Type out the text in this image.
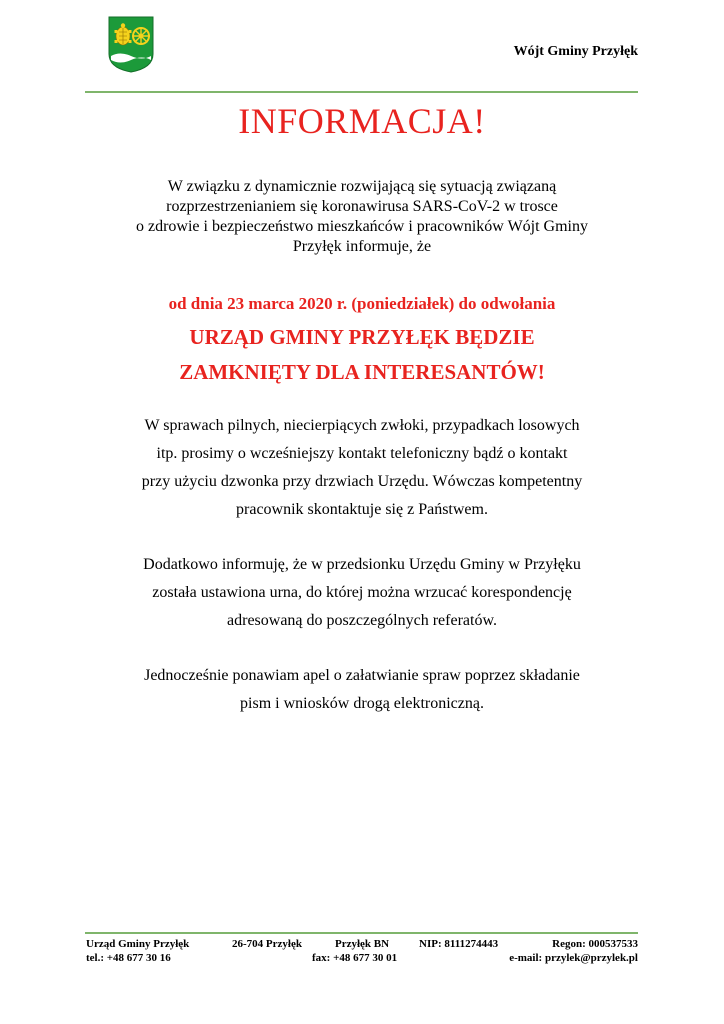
Wójt Gminy Przyłęk
INFORMACJA!
W związku z dynamicznie rozwijającą się sytuacją związaną
rozprzestrzenianiem się koronawirusa SARS-CoV-2 w trosce
o zdrowie i bezpieczeństwo mieszkańców i pracowników Wójt Gminy
Przyłęk informuje, że
od dnia 23 marca 2020 r. (poniedziałek) do odwołania
URZĄD GMINY PRZYŁĘK BĘDZIE
ZAMKNIĘTY DLA INTERESANTÓW!
W sprawach pilnych, niecierpiących zwłoki, przypadkach losowych
itp. prosimy o wcześniejszy kontakt telefoniczny bądź o kontakt
przy użyciu dzwonka przy drzwiach Urzędu. Wówczas kompetentny
pracownik skontaktuje się z Państwem.
Dodatkowo informuję, że w przedsionku Urzędu Gminy w Przyłęku
została ustawiona urna, do której można wrzucać korespondencję
adresowaną do poszczególnych referatów.
Jednocześnie ponawiam apel o załatwianie spraw poprzez składanie
pism i wniosków drogą elektroniczną.
Urząd Gminy Przyłęk	26-704 Przyłęk	Przyłęk BN	NIP: 8111274443	Regon: 000537533
tel.: +48 677 30 16	fax: +48 677 30 01	e-mail: przylek@przylek.pl
